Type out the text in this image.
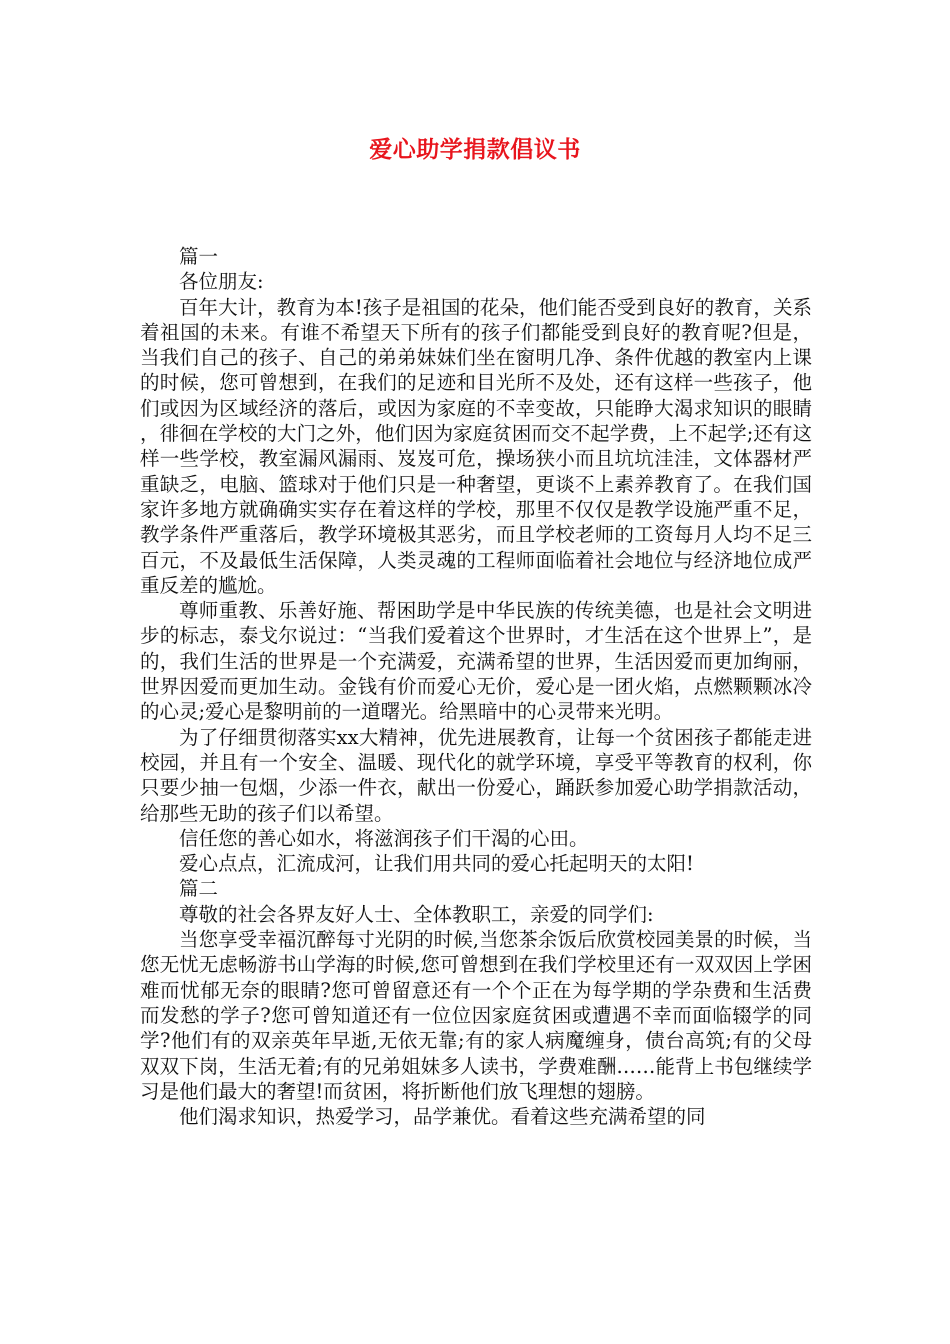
爱心助学捐款倡议书

篇一

各位朋友:

百年大计，教育为本!孩子是祖国的花朵，他们能否受到良好的教育，关系着祖国的未来。有谁不希望天下所有的孩子们都能受到良好的教育呢?但是，当我们自己的孩子、自己的弟弟妹妹们坐在窗明几净、条件优越的教室内上课的时候，您可曾想到，在我们的足迹和目光所不及处，还有这样一些孩子，他们或因为区域经济的落后，或因为家庭的不幸变故，只能睁大渴求知识的眼睛，徘徊在学校的大门之外，他们因为家庭贫困而交不起学费，上不起学;还有这样一些学校，教室漏风漏雨、岌岌可危，操场狭小而且坑坑洼洼，文体器材严重缺乏，电脑、篮球对于他们只是一种奢望，更谈不上素养教育了。在我们国家许多地方就确确实实存在着这样的学校，那里不仅仅是教学设施严重不足，教学条件严重落后，教学环境极其恶劣，而且学校老师的工资每月人均不足三百元，不及最低生活保障，人类灵魂的工程师面临着社会地位与经济地位成严重反差的尴尬。

尊师重教、乐善好施、帮困助学是中华民族的传统美德，也是社会文明进步的标志，泰戈尔说过：“当我们爱着这个世界时，才生活在这个世界上”，是的，我们生活的世界是一个充满爱，充满希望的世界，生活因爱而更加绚丽，世界因爱而更加生动。金钱有价而爱心无价，爱心是一团火焰，点燃颗颗冰冷的心灵;爱心是黎明前的一道曙光。给黑暗中的心灵带来光明。

为了仔细贯彻落实xx大精神，优先进展教育，让每一个贫困孩子都能走进校园，并且有一个安全、温暖、现代化的就学环境，享受平等教育的权利，你只要少抽一包烟，少添一件衣，献出一份爱心，踊跃参加爱心助学捐款活动，给那些无助的孩子们以希望。

信任您的善心如水，将滋润孩子们干渴的心田。

爱心点点，汇流成河，让我们用共同的爱心托起明天的太阳!

篇二

尊敬的社会各界友好人士、全体教职工，亲爱的同学们:

当您享受幸福沉醉每寸光阴的时候,当您茶余饭后欣赏校园美景的时候，当您无忧无虑畅游书山学海的时候,您可曾想到在我们学校里还有一双双因上学困难而忧郁无奈的眼睛?您可曾留意还有一个个正在为每学期的学杂费和生活费而发愁的学子?您可曾知道还有一位位因家庭贫困或遭遇不幸而面临辍学的同学?他们有的双亲英年早逝,无依无靠;有的家人病魔缠身，债台高筑;有的父母双双下岗，生活无着;有的兄弟姐妹多人读书，学费难酬……能背上书包继续学习是他们最大的奢望!而贫困，将折断他们放飞理想的翅膀。

他们渴求知识，热爱学习，品学兼优。看着这些充满希望的同
